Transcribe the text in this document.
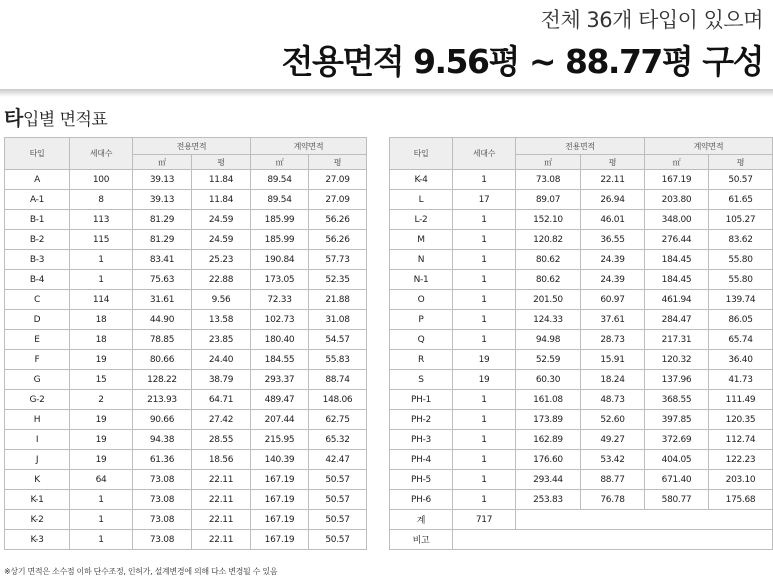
전체 36개 타입이 있으며
전용면적 9.56평 ~ 88.77평 구성
타입별 면적표
타입	세대수	전용면적		계약면적	
		㎡	평	㎡	평
A	100	39.13	11.84	89.54	27.09
A-1	8	39.13	11.84	89.54	27.09
B-1	113	81.29	24.59	185.99	56.26
B-2	115	81.29	24.59	185.99	56.26
B-3	1	83.41	25.23	190.84	57.73
B-4	1	75.63	22.88	173.05	52.35
C	114	31.61	9.56	72.33	21.88
D	18	44.90	13.58	102.73	31.08
E	18	78.85	23.85	180.40	54.57
F	19	80.66	24.40	184.55	55.83
G	15	128.22	38.79	293.37	88.74
G-2	2	213.93	64.71	489.47	148.06
H	19	90.66	27.42	207.44	62.75
I	19	94.38	28.55	215.95	65.32
J	19	61.36	18.56	140.39	42.47
K	64	73.08	22.11	167.19	50.57
K-1	1	73.08	22.11	167.19	50.57
K-2	1	73.08	22.11	167.19	50.57
K-3	1	73.08	22.11	167.19	50.57
타입	세대수	전용면적		계약면적	
		㎡	평	㎡	평
K-4	1	73.08	22.11	167.19	50.57
L	17	89.07	26.94	203.80	61.65
L-2	1	152.10	46.01	348.00	105.27
M	1	120.82	36.55	276.44	83.62
N	1	80.62	24.39	184.45	55.80
N-1	1	80.62	24.39	184.45	55.80
O	1	201.50	60.97	461.94	139.74
P	1	124.33	37.61	284.47	86.05
Q	1	94.98	28.73	217.31	65.74
R	19	52.59	15.91	120.32	36.40
S	19	60.30	18.24	137.96	41.73
PH-1	1	161.08	48.73	368.55	111.49
PH-2	1	173.89	52.60	397.85	120.35
PH-3	1	162.89	49.27	372.69	112.74
PH-4	1	176.60	53.42	404.05	122.23
PH-5	1	293.44	88.77	671.40	203.10
PH-6	1	253.83	76.78	580.77	175.68
계	717				
비고					
※상기 면적은 소수점 이하 단수조정, 인허가, 설계변경에 의해 다소 변경될 수 있음
